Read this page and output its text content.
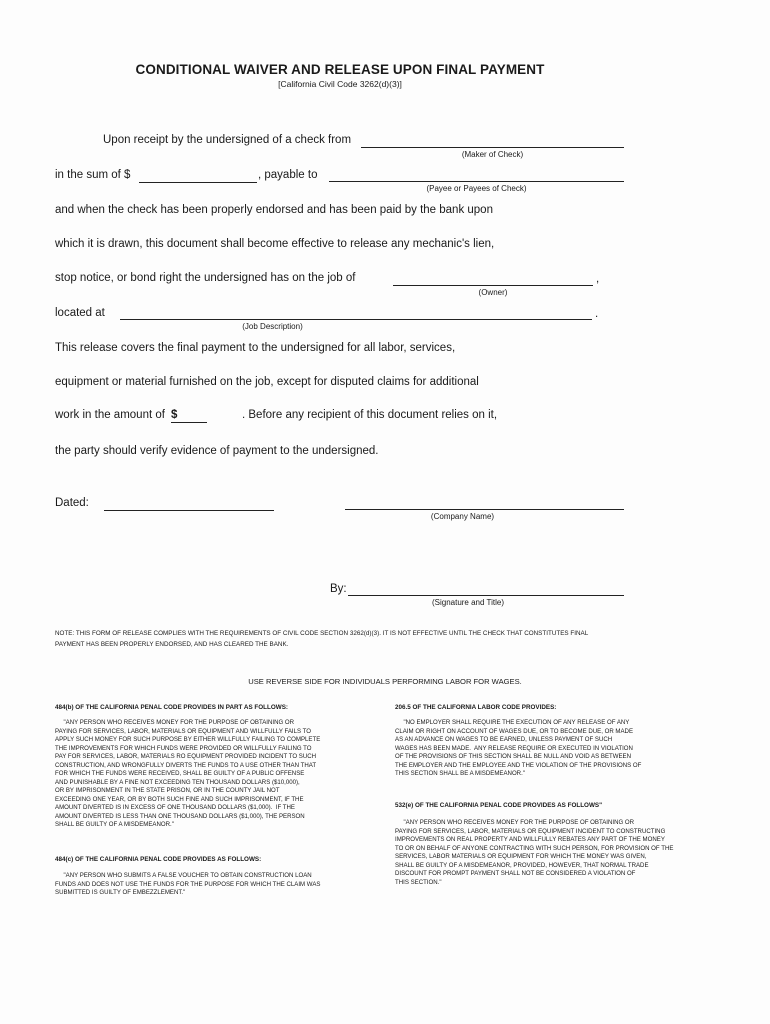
CONDITIONAL WAIVER AND RELEASE UPON FINAL PAYMENT
[California Civil Code 3262(d)(3)]
Upon receipt by the undersigned of a check from
(Maker of Check)
in the sum of $	, payable to
(Payee or Payees of Check)
and when the check has been properly endorsed and has been paid by the bank upon
which it is drawn, this document shall become effective to release any mechanic's lien,
stop notice, or bond right the undersigned has on the job of	,
(Owner)
located at	.
(Job Description)
This release covers the final payment to the undersigned for all labor, services,
equipment or material furnished on the job, except for disputed claims for additional
work in the amount of $	. Before any recipient of this document relies on it,
the party should verify evidence of payment to the undersigned.
Dated:
(Company Name)
By:
(Signature and Title)
NOTE: THIS FORM OF RELEASE COMPLIES WITH THE REQUIREMENTS OF CIVIL CODE SECTION 3262(d)(3). IT IS NOT EFFECTIVE UNTIL THE CHECK THAT CONSTITUTES FINAL
PAYMENT HAS BEEN PROPERLY ENDORSED, AND HAS CLEARED THE BANK.
USE REVERSE SIDE FOR INDIVIDUALS PERFORMING LABOR FOR WAGES.
484(b) OF THE CALIFORNIA PENAL CODE PROVIDES IN PART AS FOLLOWS:
"ANY PERSON WHO RECEIVES MONEY FOR THE PURPOSE OF OBTAINING OR
PAYING FOR SERVICES, LABOR, MATERIALS OR EQUIPMENT AND WILLFULLY FAILS TO
APPLY SUCH MONEY FOR SUCH PURPOSE BY EITHER WILLFULLY FAILING TO COMPLETE
THE IMPROVEMENTS FOR WHICH FUNDS WERE PROVIDED OR WILLFULLY FAILING TO
PAY FOR SERVICES, LABOR, MATERIALS RO EQUIPMENT PROVIDED INCIDENT TO SUCH
CONSTRUCTION, AND WRONGFULLY DIVERTS THE FUNDS TO A USE OTHER THAN THAT
FOR WHICH THE FUNDS WERE RECEIVED, SHALL BE GUILTY OF A PUBLIC OFFENSE
AND PUNISHABLE BY A FINE NOT EXCEEDING TEN THOUSAND DOLLARS ($10,000),
OR BY IMPRISONMENT IN THE STATE PRISON, OR IN THE COUNTY JAIL NOT
EXCEEDING ONE YEAR, OR BY BOTH SUCH FINE AND SUCH IMPRISONMENT, IF THE
AMOUNT DIVERTED IS IN EXCESS OF ONE THOUSAND DOLLARS ($1,000).  IF THE
AMOUNT DIVERTED IS LESS THAN ONE THOUSAND DOLLARS ($1,000), THE PERSON
SHALL BE GUILTY OF A MISDEMEANOR."
484(c) OF THE CALIFORNIA PENAL CODE PROVIDES AS FOLLOWS:
"ANY PERSON WHO SUBMITS A FALSE VOUCHER TO OBTAIN CONSTRUCTION LOAN
FUNDS AND DOES NOT USE THE FUNDS FOR THE PURPOSE FOR WHICH THE CLAIM WAS
SUBMITTED IS GUILTY OF EMBEZZLEMENT."
206.5 OF THE CALIFORNIA LABOR CODE PROVIDES:
"NO EMPLOYER SHALL REQUIRE THE EXECUTION OF ANY RELEASE OF ANY
CLAIM OR RIGHT ON ACCOUNT OF WAGES DUE, OR TO BECOME DUE, OR MADE
AS AN ADVANCE ON WAGES TO BE EARNED, UNLESS PAYMENT OF SUCH
WAGES HAS BEEN MADE.  ANY RELEASE REQUIRE OR EXECUTED IN VIOLATION
OF THE PROVISIONS OF THIS SECTION SHALL BE NULL AND VOID AS BETWEEN
THE EMPLOYER AND THE EMPLOYEE AND THE VIOLATION OF THE PROVISIONS OF
THIS SECTION SHALL BE A MISDEMEANOR."
532(e) OF THE CALIFORNIA PENAL CODE PROVIDES AS FOLLOWS"
"ANY PERSON WHO RECEIVES MONEY FOR THE PURPOSE OF OBTAINING OR
PAYING FOR SERVICES, LABOR, MATERIALS OR EQUIPMENT INCIDENT TO CONSTRUCTING
IMPROVEMENTS ON REAL PROPERTY AND WILLFULLY REBATES ANY PART OF THE MONEY
TO OR ON BEHALF OF ANYONE CONTRACTING WITH SUCH PERSON, FOR PROVISION OF THE
SERVICES, LABOR MATERIALS OR EQUIPMENT FOR WHICH THE MONEY WAS GIVEN,
SHALL BE GUILTY OF A MISDEMEANOR, PROVIDED, HOWEVER, THAT NORMAL TRADE
DISCOUNT FOR PROMPT PAYMENT SHALL NOT BE CONSIDERED A VIOLATION OF
THIS SECTION."
